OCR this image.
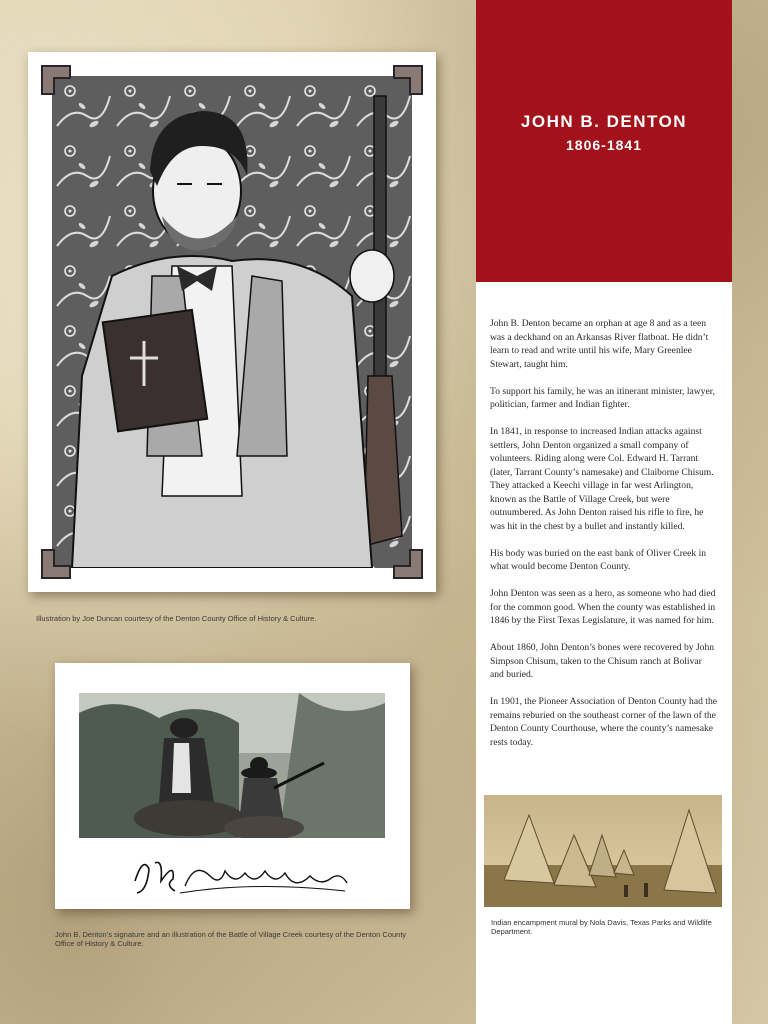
Illustration by Joe Duncan courtesy of the Denton County Office of History & Culture.
John B. Denton’s signature and an illustration of the Battle of Village Creek courtesy of the Denton County Office of History & Culture.
JOHN B. DENTON
1806-1841

John B. Denton became an orphan at age 8 and as a teen was a deckhand on an Arkansas River flatboat. He didn’t learn to read and write until his wife, Mary Greenlee Stewart, taught him.

To support his family, he was an itinerant minister, lawyer, politician, farmer and Indian fighter.

In 1841, in response to increased Indian attacks against settlers, John Denton organized a small company of volunteers. Riding along were Col. Edward H. Tarrant (later, Tarrant County’s namesake) and Claiborne Chisum. They attacked a Keechi village in far west Arlington, known as the Battle of Village Creek, but were outnumbered. As John Denton raised his rifle to fire, he was hit in the chest by a bullet and instantly killed.

His body was buried on the east bank of Oliver Creek in what would become Denton County.

John Denton was seen as a hero, as someone who had died for the common good. When the county was established in 1846 by the First Texas Legislature, it was named for him.

About 1860, John Denton’s bones were recovered by John Simpson Chisum, taken to the Chisum ranch at Bolivar and buried.

In 1901, the Pioneer Association of Denton County had the remains reburied on the southeast corner of the lawn of the Denton County Courthouse, where the county’s namesake rests today.

Indian encampment mural by Nola Davis, Texas Parks and Wildlife Department.
